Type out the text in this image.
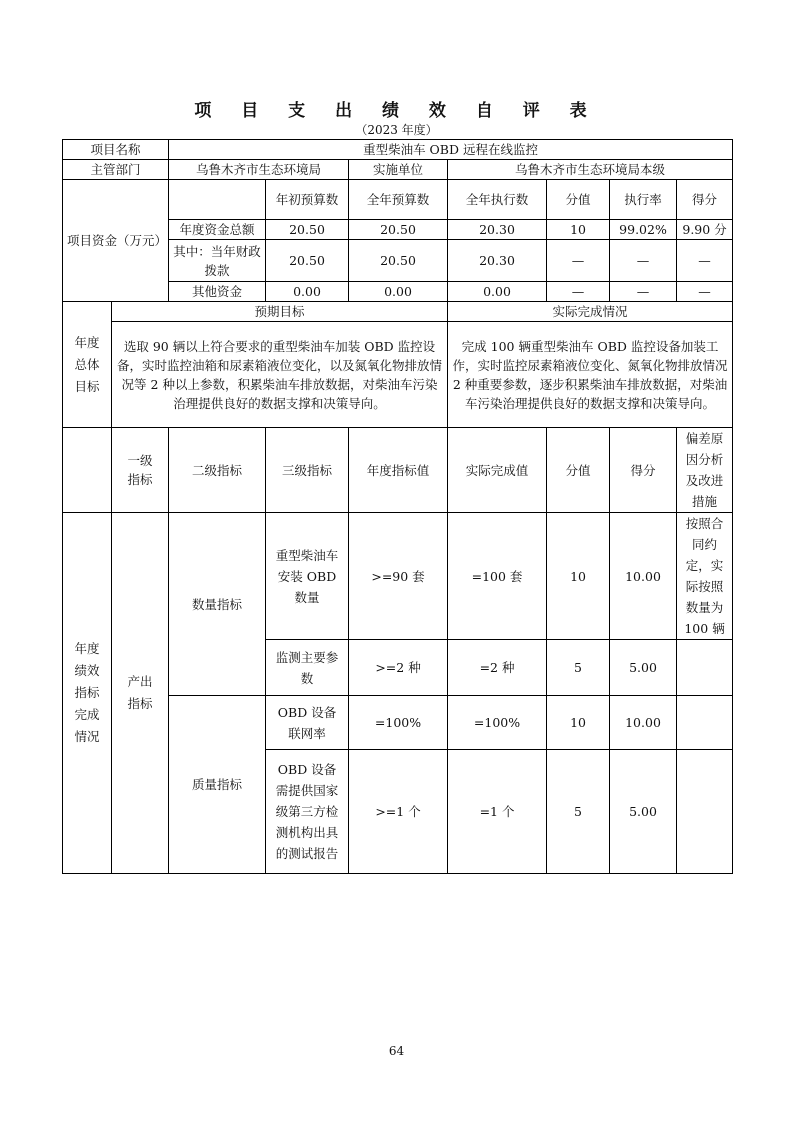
项 目 支 出 绩 效 自 评 表
（2023 年度）
项目名称		重型柴油车 OBD 远程在线监控						
主管部门		乌鲁木齐市生态环境局		实施单位	乌鲁木齐市生态环境局本级			
项目资金（万元）			年初预算数	全年预算数	全年执行数	分值	执行率	得分
		年度资金总额	20.50	20.50	20.30	10	99.02%	9.90 分
		其中：当年财政拨款	20.50	20.50	20.30	—	—	—
		其他资金	0.00	0.00	0.00	—	—	—
年度总体目标	预期目标				实际完成情况			
	选取 90 辆以上符合要求的重型柴油车加装 OBD 监控设备，实时监控油箱和尿素箱液位变化，以及氮氧化物排放情况等 2 种以上参数，积累柴油车排放数据，对柴油车污染治理提供良好的数据支撑和决策导向。				完成 100 辆重型柴油车 OBD 监控设备加装工作，实时监控尿素箱液位变化、氮氧化物排放情况 2 种重要参数，逐步积累柴油车排放数据，对柴油车污染治理提供良好的数据支撑和决策导向。			
	一级指标	二级指标	三级指标	年度指标值	实际完成值	分值	得分	偏差原因分析及改进措施
年度绩效指标完成情况	产出指标	数量指标	重型柴油车安装 OBD 数量	>=90 套	=100 套	10	10.00	按照合同约定，实际按照数量为 100 辆
			监测主要参数	>=2 种	=2 种	5	5.00	
		质量指标	OBD 设备联网率	=100%	=100%	10	10.00	
			OBD 设备需提供国家级第三方检测机构出具的测试报告	>=1 个	=1 个	5	5.00	
64
